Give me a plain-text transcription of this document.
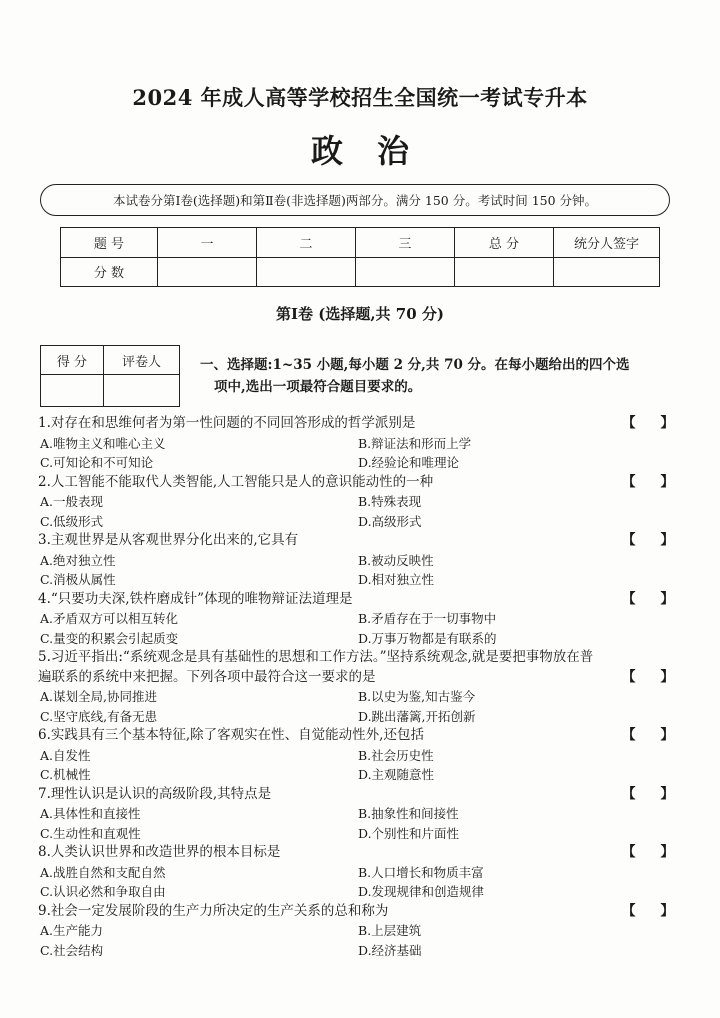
2024 年成人高等学校招生全国统一考试专升本
政治
本试卷分第Ⅰ卷(选择题)和第Ⅱ卷(非选择题)两部分。满分 150 分。考试时间 150 分钟。
题 号	一	二	三	总 分	统分人签字
分 数					
第Ⅰ卷 (选择题,共 70 分)
得 分	评卷人
		一、选择题:1~35 小题,每小题 2 分,共 70 分。在每小题给出的四个选
项中,选出一项最符合题目要求的。
1.对存在和思维何者为第一性问题的不同回答形成的哲学派别是	【 】
A.唯物主义和唯心主义	B.辩证法和形而上学
C.可知论和不可知论	D.经验论和唯理论
2.人工智能不能取代人类智能,人工智能只是人的意识能动性的一种	【 】
A.一般表现	B.特殊表现
C.低级形式	D.高级形式
3.主观世界是从客观世界分化出来的,它具有	【 】
A.绝对独立性	B.被动反映性
C.消极从属性	D.相对独立性
4.“只要功夫深,铁杵磨成针”体现的唯物辩证法道理是	【 】
A.矛盾双方可以相互转化	B.矛盾存在于一切事物中
C.量变的积累会引起质变	D.万事万物都是有联系的
5.习近平指出:“系统观念是具有基础性的思想和工作方法。”坚持系统观念,就是要把事物放在普
遍联系的系统中来把握。下列各项中最符合这一要求的是	【 】
A.谋划全局,协同推进	B.以史为鉴,知古鉴今
C.坚守底线,有备无患	D.跳出藩篱,开拓创新
6.实践具有三个基本特征,除了客观实在性、自觉能动性外,还包括	【 】
A.自发性	B.社会历史性
C.机械性	D.主观随意性
7.理性认识是认识的高级阶段,其特点是	【 】
A.具体性和直接性	B.抽象性和间接性
C.生动性和直观性	D.个别性和片面性
8.人类认识世界和改造世界的根本目标是	【 】
A.战胜自然和支配自然	B.人口增长和物质丰富
C.认识必然和争取自由	D.发现规律和创造规律
9.社会一定发展阶段的生产力所决定的生产关系的总和称为	【 】
A.生产能力	B.上层建筑
C.社会结构	D.经济基础
